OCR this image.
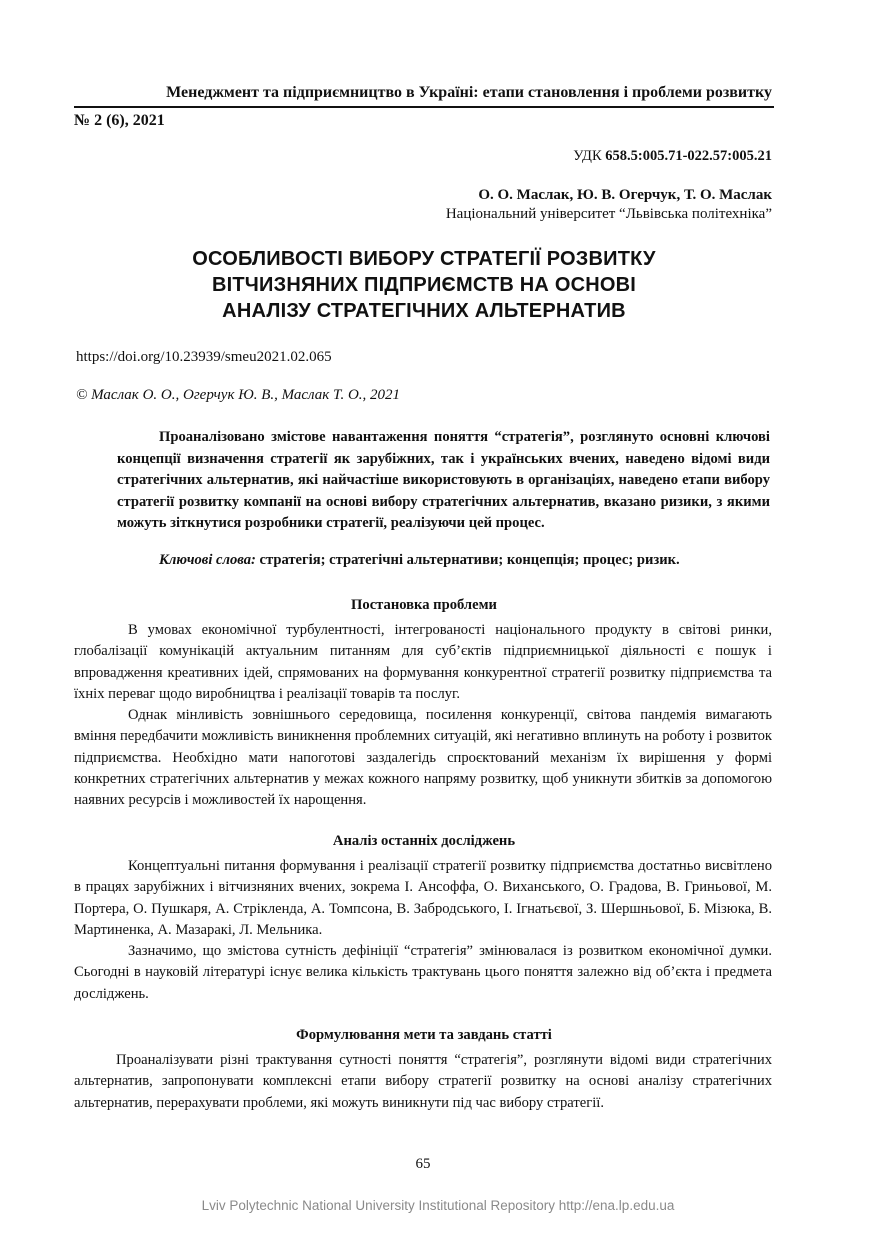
Менеджмент та підприємництво в Україні: етапи становлення і проблеми розвитку
№ 2 (6), 2021
УДК 658.5:005.71-022.57:005.21
О. О. Маслак, Ю. В. Огерчук, Т. О. Маслак
Національний університет “Львівська політехніка”
ОСОБЛИВОСТІ ВИБОРУ СТРАТЕГІЇ РОЗВИТКУ
ВІТЧИЗНЯНИХ ПІДПРИЄМСТВ НА ОСНОВІ
АНАЛІЗУ СТРАТЕГІЧНИХ АЛЬТЕРНАТИВ
https://doi.org/10.23939/smeu2021.02.065
© Маслак О. О., Огерчук Ю. В., Маслак Т. О., 2021
Проаналізовано змістове навантаження поняття “стратегія”, розглянуто основні ключові концепції визначення стратегії як зарубіжних, так і українських вчених, наведено відомі види стратегічних альтернатив, які найчастіше використовують в організаціях, наведено етапи вибору стратегії розвитку компанії на основі вибору стратегічних альтернатив, вказано ризики, з якими можуть зіткнутися розробники стратегії, реалізуючи цей процес.
Ключові слова: стратегія; стратегічні альтернативи; концепція; процес; ризик.
Постановка проблеми
В умовах економічної турбулентності, інтегрованості національного продукту в світові ринки, глобалізації комунікацій актуальним питанням для суб’єктів підприємницької діяльності є пошук і впровадження креативних ідей, спрямованих на формування конкурентної стратегії розвитку підприємства та їхніх переваг щодо виробництва і реалізації товарів та послуг.
Однак мінливість зовнішнього середовища, посилення конкуренції, світова пандемія вимагають вміння передбачити можливість виникнення проблемних ситуацій, які негативно вплинуть на роботу і розвиток підприємства. Необхідно мати напоготові заздалегідь спроєктований механізм їх вирішення у формі конкретних стратегічних альтернатив у межах кожного напряму розвитку, щоб уникнути збитків за допомогою наявних ресурсів і можливостей їх нарощення.
Аналіз останніх досліджень
Концептуальні питання формування і реалізації стратегії розвитку підприємства достатньо висвітлено в працях зарубіжних і вітчизняних вчених, зокрема І. Ансоффа, О. Виханського, О. Градова, В. Гриньової, М. Портера, О. Пушкаря, А. Стрікленда, А. Томпсона, В. Забродського, І. Ігнатьєвої, З. Шершньової, Б. Мізюка, В. Мартиненка, А. Мазаракі, Л. Мельника.
Зазначимо, що змістова сутність дефініції “стратегія” змінювалася із розвитком економічної думки. Сьогодні в науковій літературі існує велика кількість трактувань цього поняття залежно від об’єкта і предмета досліджень.
Формулювання мети та завдань статті
Проаналізувати різні трактування сутності поняття “стратегія”, розглянути відомі види стратегічних альтернатив, запропонувати комплексні етапи вибору стратегії розвитку на основі аналізу стратегічних альтернатив, перерахувати проблеми, які можуть виникнути під час вибору стратегії.
65
Lviv Polytechnic National University Institutional Repository http://ena.lp.edu.ua
